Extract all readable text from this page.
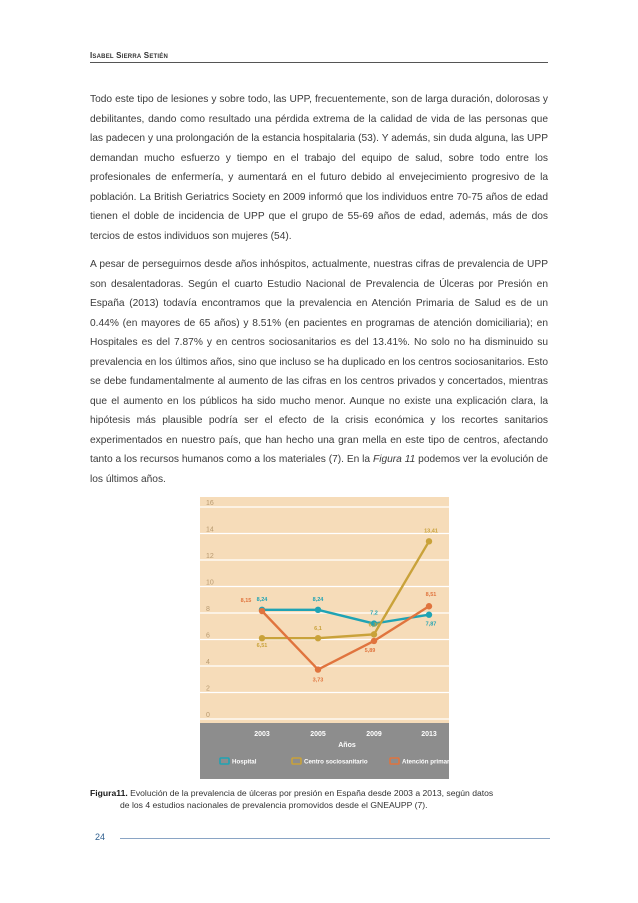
Isabel Sierra Setién

Todo este tipo de lesiones y sobre todo, las UPP, frecuentemente, son de larga duración, dolorosas y debilitantes, dando como resultado una pérdida extrema de la calidad de vida de las personas que las padecen y una prolongación de la estancia hospitalaria (53). Y además, sin duda alguna, las UPP demandan mucho esfuerzo y tiempo en el trabajo del equipo de salud, sobre todo entre los profesionales de enfermería, y aumentará en el futuro debido al envejecimiento progresivo de la población. La British Geriatrics Society en 2009 informó que los individuos entre 70-75 años de edad tienen el doble de incidencia de UPP que el grupo de 55-69 años de edad, además, más de dos tercios de estos individuos son mujeres (54).

A pesar de perseguirnos desde años inhóspitos, actualmente, nuestras cifras de prevalencia de UPP son desalentadoras. Según el cuarto Estudio Nacional de Prevalencia de Úlceras por Presión en España (2013) todavía encontramos que la prevalencia en Atención Primaria de Salud es de un 0.44% (en mayores de 65 años) y 8.51% (en pacientes en programas de atención domiciliaria); en Hospitales es del 7.87% y en centros sociosanitarios es del 13.41%. No solo no ha disminuido su prevalencia en los últimos años, sino que incluso se ha duplicado en los centros sociosanitarios. Esto se debe fundamentalmente al aumento de las cifras en los centros privados y concertados, mientras que el aumento en los públicos ha sido mucho menor. Aunque no existe una explicación clara, la hipótesis más plausible podría ser el efecto de la crisis económica y los recortes sanitarios experimentados en nuestro país, que han hecho una gran mella en este tipo de centros, afectando tanto a los recursos humanos como a los materiales (7). En la Figura 11 podemos ver la evolución de los últimos años.

0
2
4
6
8
10
12
14
16
2003	2005	2009	2013
Años
8,24	8,24
7,2
7,87
6,51
6,1
6,39
13,41
8,15
3,73
5,89
8,51
Hospital	Centro sociosanitario	Atención primaria
Figura11. Evolución de la prevalencia de úlceras por presión en España desde 2003 a 2013, según datos
de los 4 estudios nacionales de prevalencia promovidos desde el GNEAUPP (7).
24
